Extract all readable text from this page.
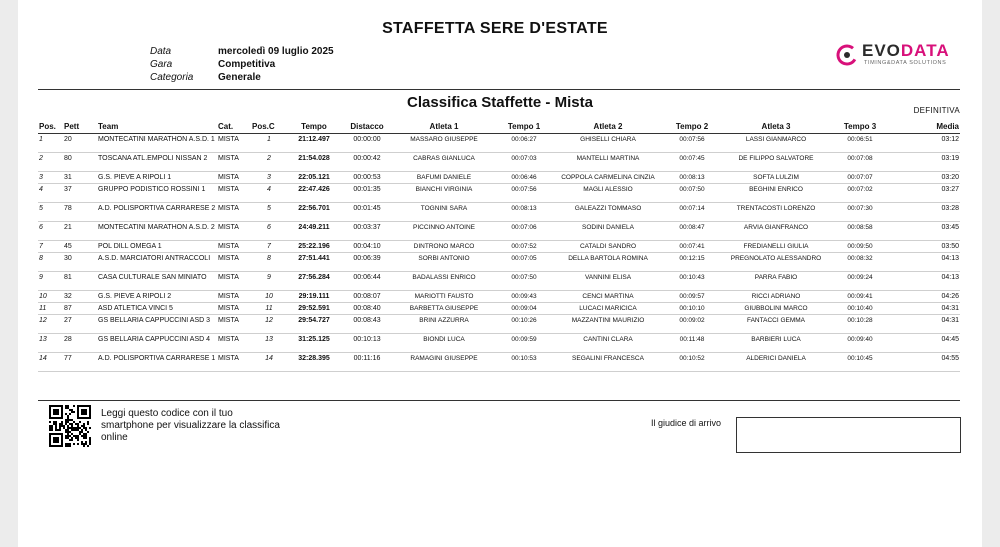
STAFFETTA SERE D'ESTATE
Data	mercoledì 09 luglio 2025
Gara	Competitiva
Categoria	Generale
EVODATA
TIMING&DATA SOLUTIONS
Classifica Staffette - Mista	DEFINITIVA
Pos.	Pett	Team	Cat.	Pos.C	Tempo	Distacco	Atleta 1	Tempo 1	Atleta 2	Tempo 2	Atleta 3	Tempo 3	Media
1	20	MONTECATINI MARATHON A.S.D. 1	MISTA	1	21:12.497	00:00:00	MASSARO GIUSEPPE	00:06:27	GHISELLI CHIARA	00:07:56	LASSI GIANMARCO	00:06:51	03:12
2	80	TOSCANA ATL.EMPOLI NISSAN 2	MISTA	2	21:54.028	00:00:42	CABRAS GIANLUCA	00:07:03	MANTELLI MARTINA	00:07:45	DE FILIPPO SALVATORE	00:07:08	03:19
3	31	G.S. PIEVE A RIPOLI 1	MISTA	3	22:05.121	00:00:53	BAFUMI DANIELE	00:06:46	COPPOLA CARMELINA CINZIA	00:08:13	SOFTA LULZIM	00:07:07	03:20
4	37	GRUPPO PODISTICO ROSSINI 1	MISTA	4	22:47.426	00:01:35	BIANCHI VIRGINIA	00:07:56	MAGLI ALESSIO	00:07:50	BEGHINI ENRICO	00:07:02	03:27
5	78	A.D. POLISPORTIVA CARRARESE 2	MISTA	5	22:56.701	00:01:45	TOGNINI SARA	00:08:13	GALEAZZI TOMMASO	00:07:14	TRENTACOSTI LORENZO	00:07:30	03:28
6	21	MONTECATINI MARATHON A.S.D. 2	MISTA	6	24:49.211	00:03:37	PICCINNO ANTOINE	00:07:06	SODINI DANIELA	00:08:47	ARVIA GIANFRANCO	00:08:58	03:45
7	45	POL DILL OMEGA 1	MISTA	7	25:22.196	00:04:10	DINTRONO MARCO	00:07:52	CATALDI SANDRO	00:07:41	FREDIANELLI GIULIA	00:09:50	03:50
8	30	A.S.D. MARCIATORI ANTRACCOLI	MISTA	8	27:51.441	00:06:39	SORBI ANTONIO	00:07:05	DELLA BARTOLA ROMINA	00:12:15	PREGNOLATO ALESSANDRO	00:08:32	04:13
9	81	CASA CULTURALE SAN MINIATO	MISTA	9	27:56.284	00:06:44	BADALASSI ENRICO	00:07:50	VANNINI ELISA	00:10:43	PARRA FABIO	00:09:24	04:13
10	32	G.S. PIEVE A RIPOLI 2	MISTA	10	29:19.111	00:08:07	MARIOTTI FAUSTO	00:09:43	CENCI MARTINA	00:09:57	RICCI ADRIANO	00:09:41	04:26
11	87	ASD ATLETICA VINCI 5	MISTA	11	29:52.591	00:08:40	BARBETTA GIUSEPPE	00:09:04	LUCACI MARICICA	00:10:10	GIUBBOLINI MARCO	00:10:40	04:31
12	27	GS BELLARIA CAPPUCCINI ASD 3	MISTA	12	29:54.727	00:08:43	BRINI AZZURRA	00:10:26	MAZZANTINI MAURIZIO	00:09:02	FANTACCI GEMMA	00:10:28	04:31
13	28	GS BELLARIA CAPPUCCINI ASD 4	MISTA	13	31:25.125	00:10:13	BIONDI LUCA	00:09:59	CANTINI CLARA	00:11:48	BARBIERI LUCA	00:09:40	04:45
14	77	A.D. POLISPORTIVA CARRARESE 1	MISTA	14	32:28.395	00:11:16	RAMAGINI GIUSEPPE	00:10:53	SEGALINI FRANCESCA	00:10:52	ALDERICI DANIELA	00:10:45	04:55
Leggi questo codice con il tuo smartphone per visualizzare la classifica online
Il giudice di arrivo
